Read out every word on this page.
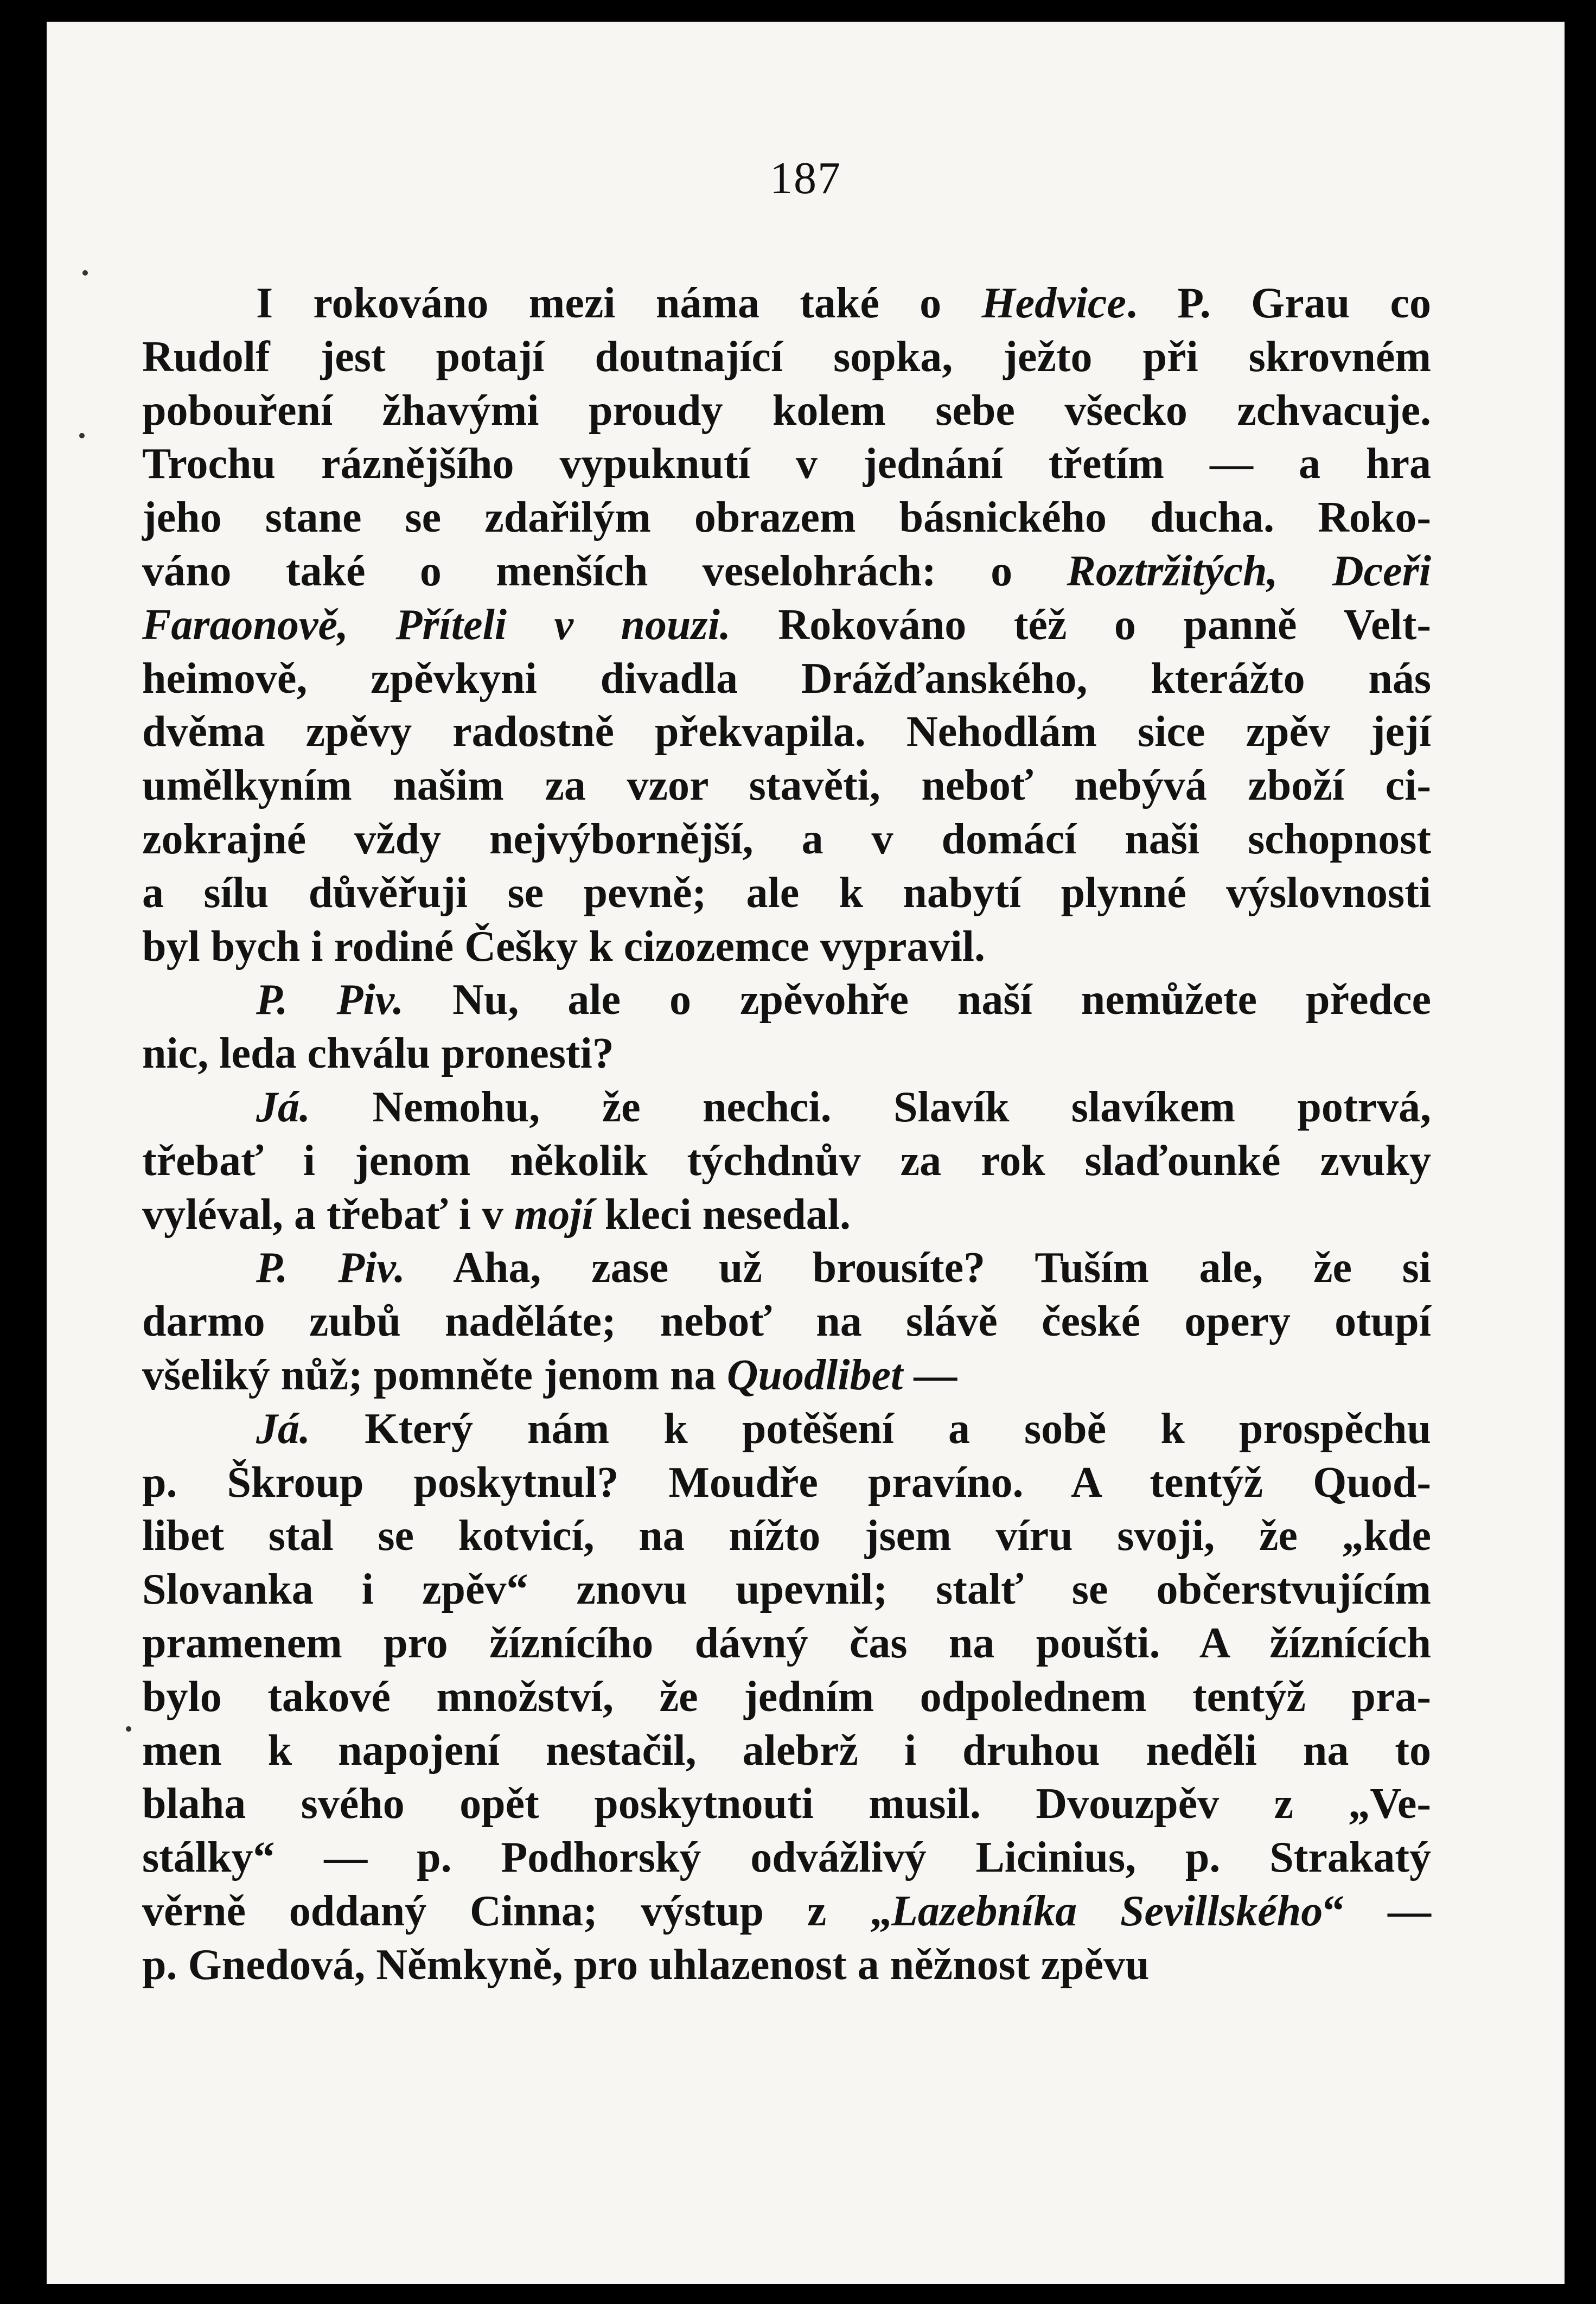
187
I rokováno mezi náma také o Hedvice. P. Grau co
Rudolf jest potají doutnající sopka, ježto při skrovném
pobouření žhavými proudy kolem sebe všecko zchvacuje.
Trochu ráznějšího vypuknutí v jednání třetím — a hra
jeho stane se zdařilým obrazem básnického ducha. Roko-
váno také o menších veselohrách: o Roztržitých, Dceři
Faraonově, Příteli v nouzi. Rokováno též o panně Velt-
heimově, zpěvkyni divadla Drážďanského, kterážto nás
dvěma zpěvy radostně překvapila. Nehodlám sice zpěv její
umělkyním našim za vzor stavěti, neboť nebývá zboží ci-
zokrajné vždy nejvýbornější, a v domácí naši schopnost
a sílu důvěřuji se pevně; ale k nabytí plynné výslovnosti
byl bych i rodiné Češky k cizozemce vypravil.
P. Piv. Nu, ale o zpěvohře naší nemůžete předce
nic, leda chválu pronesti?
Já. Nemohu, že nechci. Slavík slavíkem potrvá,
třebať i jenom několik týchdnův za rok slaďounké zvuky
vyléval, a třebať i v mojí kleci nesedal.
P. Piv. Aha, zase už brousíte? Tuším ale, že si
darmo zubů naděláte; neboť na slávě české opery otupí
všeliký nůž; pomněte jenom na Quodlibet —
Já. Který nám k potěšení a sobě k prospěchu
p. Škroup poskytnul? Moudře pravíno. A tentýž Quod-
libet stal se kotvicí, na nížto jsem víru svoji, že „kde
Slovanka i zpěv“ znovu upevnil; stalť se občerstvujícím
pramenem pro žíznícího dávný čas na poušti. A žíznících
bylo takové množství, že jedním odpolednem tentýž pra-
men k napojení nestačil, alebrž i druhou neděli na to
blaha svého opět poskytnouti musil. Dvouzpěv z „Ve-
stálky“ — p. Podhorský odvážlivý Licinius, p. Strakatý
věrně oddaný Cinna; výstup z „Lazebníka Sevillského“ —
p. Gnedová, Němkyně, pro uhlazenost a něžnost zpěvu
